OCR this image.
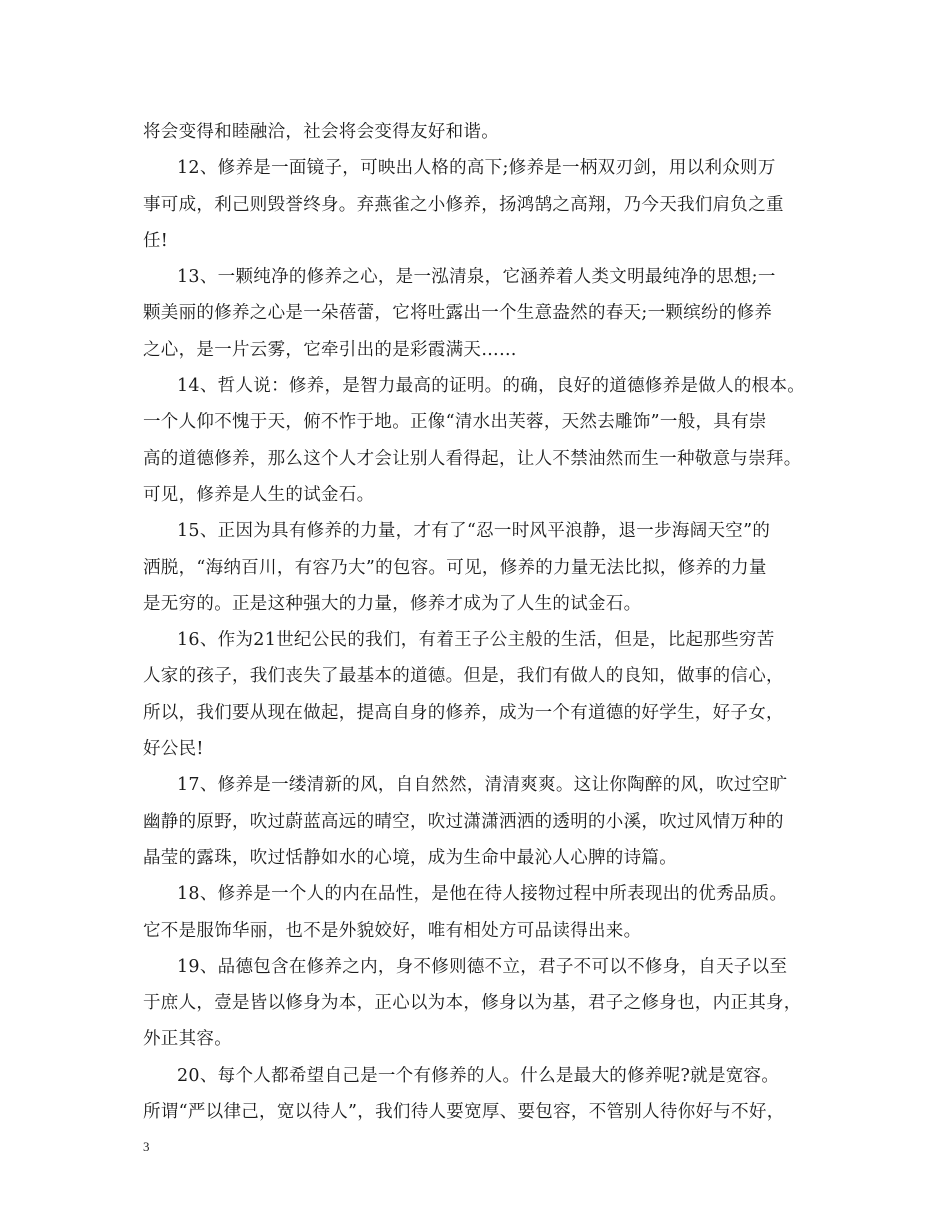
将会变得和睦融洽，社会将会变得友好和谐。
12、修养是一面镜子，可映出人格的高下;修养是一柄双刃剑，用以利众则万
事可成，利己则毁誉终身。弃燕雀之小修养，扬鸿鹄之高翔，乃今天我们肩负之重
任!
13、一颗纯净的修养之心，是一泓清泉，它涵养着人类文明最纯净的思想;一
颗美丽的修养之心是一朵蓓蕾，它将吐露出一个生意盎然的春天;一颗缤纷的修养
之心，是一片云雾，它牵引出的是彩霞满天……
14、哲人说：修养，是智力最高的证明。的确，良好的道德修养是做人的根本。
一个人仰不愧于天，俯不怍于地。正像“清水出芙蓉，天然去雕饰”一般，具有崇
高的道德修养，那么这个人才会让别人看得起，让人不禁油然而生一种敬意与崇拜。
可见，修养是人生的试金石。
15、正因为具有修养的力量，才有了“忍一时风平浪静，退一步海阔天空”的
洒脱，“海纳百川，有容乃大”的包容。可见，修养的力量无法比拟，修养的力量
是无穷的。正是这种强大的力量，修养才成为了人生的试金石。
16、作为21世纪公民的我们，有着王子公主般的生活，但是，比起那些穷苦
人家的孩子，我们丧失了最基本的道德。但是，我们有做人的良知，做事的信心，
所以，我们要从现在做起，提高自身的修养，成为一个有道德的好学生，好子女，
好公民!
17、修养是一缕清新的风，自自然然，清清爽爽。这让你陶醉的风，吹过空旷
幽静的原野，吹过蔚蓝高远的晴空，吹过潇潇洒洒的透明的小溪，吹过风情万种的
晶莹的露珠，吹过恬静如水的心境，成为生命中最沁人心脾的诗篇。
18、修养是一个人的内在品性，是他在待人接物过程中所表现出的优秀品质。
它不是服饰华丽，也不是外貌姣好，唯有相处方可品读得出来。
19、品德包含在修养之内，身不修则德不立，君子不可以不修身，自天子以至
于庶人，壹是皆以修身为本，正心以为本，修身以为基，君子之修身也，内正其身，
外正其容。
20、每个人都希望自己是一个有修养的人。什么是最大的修养呢?就是宽容。
所谓“严以律己，宽以待人”，我们待人要宽厚、要包容，不管别人待你好与不好，
3
